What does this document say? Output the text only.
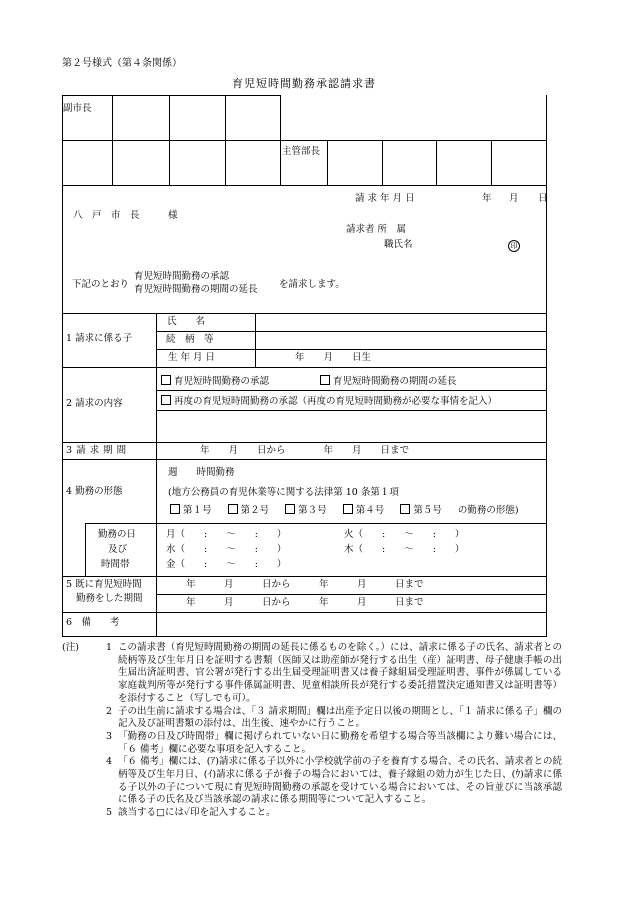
第２号様式（第４条関係）
育児短時間勤務承認請求書
副市長
主管部長
請 求 年 月 日	年 月 日
八　戸　市　長　　　様
請求者 所　属
職氏名	印
下記のとおり
育児短時間勤務の承認
育児短時間勤務の期間の延長 を請求します。
1 請求に係る子
氏　　名
続　柄　等
生 年 月 日	年　　月　　日生
2 請求の内容
育児短時間勤務の承認	育児短時間勤務の期間の延長
再度の育児短時間勤務の承認（再度の育児短時間勤務が必要な事情を記入）
3 請 求 期 間	年　　月　　日から　　　　年　　月　　日まで
4 勤務の形態
週　　時間勤務
(地方公務員の育児休業等に関する法律第 10 条第１項
第１号	第２号	第３号	第４号	第５号 の勤務の形態)
勤務の日
及び
時間帯
月（　　:　　～　　:　　）	火（　　:　　～　　:　　）
水（　　:　　～　　:　　）	木（　　:　　～　　:　　）
金（　　:　　～　　:　　）
5 既に育児短時間
勤務をした期間
年　　　月　　　日から　　　年　　　月　　　日まで
年　　　月　　　日から　　　年　　　月　　　日まで
6　備　　考
(注)	1 この請求書（育児短時間勤務の期間の延長に係るものを除く。）には、請求に係る子の氏名、請求者との続柄等及び生年月日を証明する書類（医師又は助産師が発行する出生（産）証明書、母子健康手帳の出生届出済証明書、官公署が発行する出生届受理証明書又は養子縁組届受理証明書、事件が係属している家庭裁判所等が発行する事件係属証明書、児童相談所長が発行する委託措置決定通知書又は証明書等）を添付すること（写しでも可）。
2 子の出生前に請求する場合は、「３ 請求期間」欄は出産予定日以後の期間とし、「１ 請求に係る子」欄の記入及び証明書類の添付は、出生後、速やかに行うこと。
3 「勤務の日及び時間帯」欄に掲げられていない日に勤務を希望する場合等当該欄により難い場合には、「６ 備考」欄に必要な事項を記入すること。
4 「６ 備考」欄には、(ｱ)請求に係る子以外に小学校就学前の子を養育する場合、その氏名、請求者との続柄等及び生年月日、(ｲ)請求に係る子が養子の場合においては、養子縁組の効力が生じた日、(ｳ)請求に係る子以外の子について現に育児短時間勤務の承認を受けている場合においては、その旨並びに当該承認に係る子の氏名及び当該承認の請求に係る期間等について記入すること。
5 該当する□には✓印を記入すること。
